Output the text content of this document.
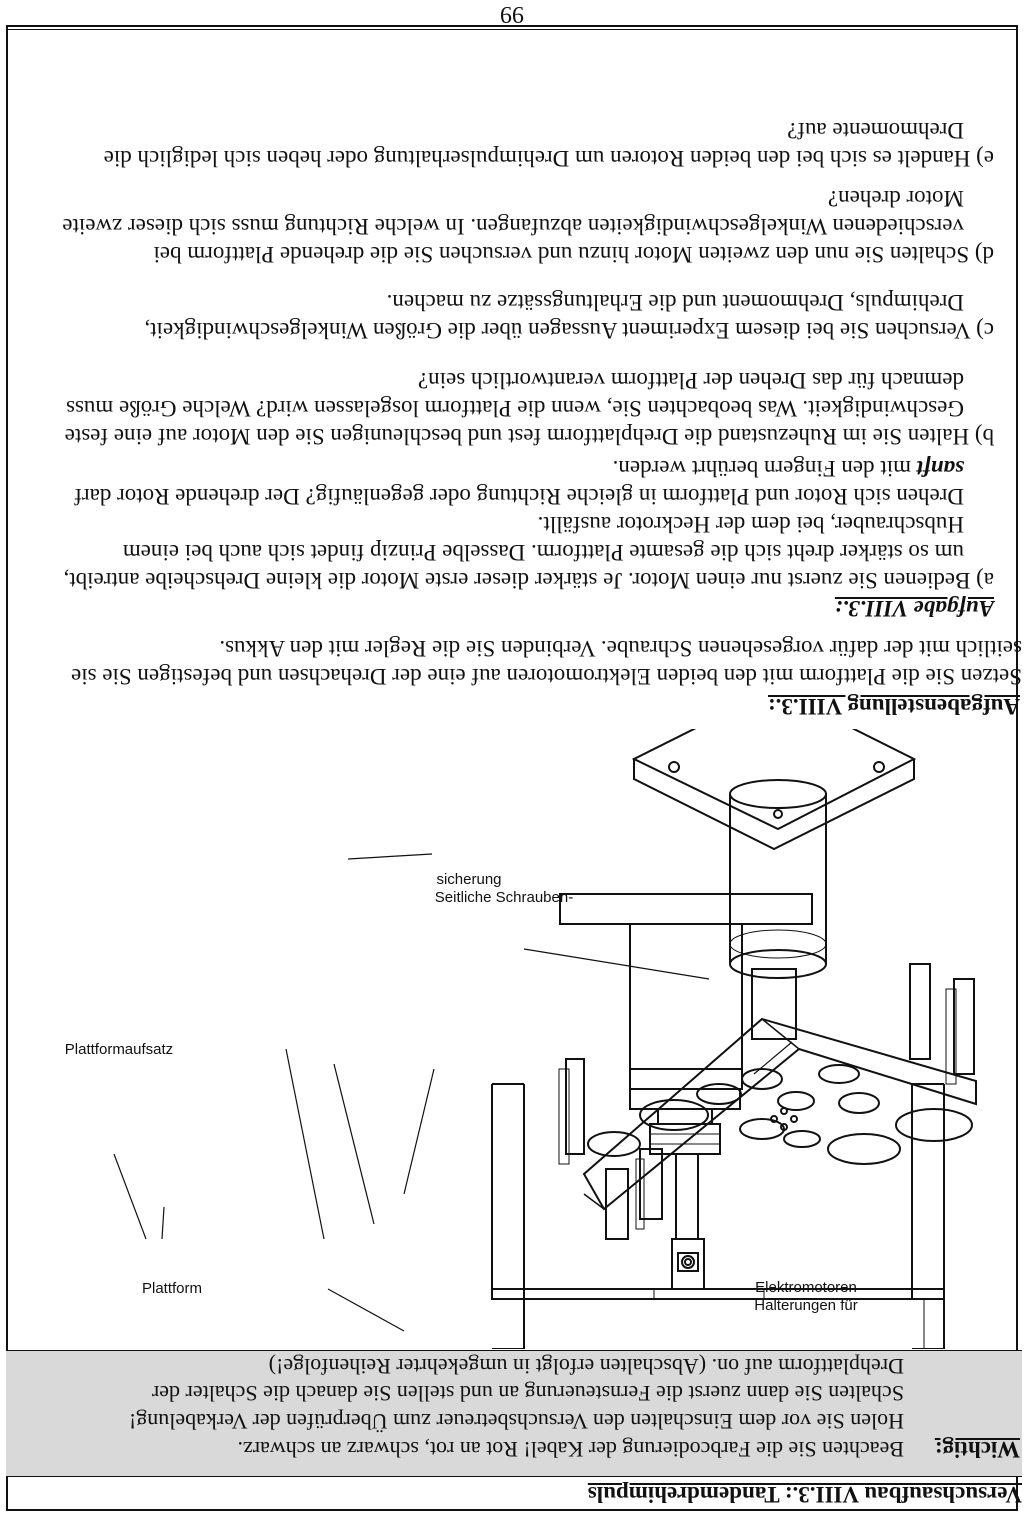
Versuchsaufbau VIII.3.: Tandemdrehimpuls
Wichtig:
Beachten Sie die Farbcodierung der Kabel! Rot an rot, schwarz an schwarz.
Holen Sie vor dem Einschalten den Versuchsbetreuer zum Überprüfen der Verkabelung!
Schalten Sie dann zuerst die Fernsteuerung an und stellen Sie danach die Schalter der
Drehplattform auf on. (Abschalten erfolgt in umgekehrter Reihenfolge!)
Plattform
Plattformaufsatz
Seitliche Schrauben-
sicherung
Halterungen für
Elektromotoren
Aufgabenstellung VIII.3.:
Setzen Sie die Plattform mit den beiden Elektromotoren auf eine der Drehachsen und befestigen Sie sie
seitlich mit der dafür vorgesehenen Schraube. Verbinden Sie die Regler mit den Akkus.
Aufgabe VIII.3.:
a) Bedienen Sie zuerst nur einen Motor. Je stärker dieser erste Motor die kleine Drehscheibe antreibt,
um so stärker dreht sich die gesamte Plattform. Dasselbe Prinzip findet sich auch bei einem
Hubschrauber, bei dem der Heckrotor ausfällt.
Drehen sich Rotor und Plattform in gleiche Richtung oder gegenläufig? Der drehende Rotor darf
sanft mit den Fingern berührt werden.
b) Halten Sie im Ruhezustand die Drehplattform fest und beschleunigen Sie den Motor auf eine feste
Geschwindigkeit. Was beobachten Sie, wenn die Plattform losgelassen wird? Welche Größe muss
demnach für das Drehen der Plattform verantwortlich sein?
c) Versuchen Sie bei diesem Experiment Aussagen über die Größen Winkelgeschwindigkeit,
Drehimpuls, Drehmoment und die Erhaltungssätze zu machen.
d) Schalten Sie nun den zweiten Motor hinzu und versuchen Sie die drehende Plattform bei
verschiedenen Winkelgeschwindigkeiten abzufangen. In welche Richtung muss sich dieser zweite
Motor drehen?
e) Handelt es sich bei den beiden Rotoren um Drehimpulserhaltung oder heben sich lediglich die
Drehmomente auf?
99
